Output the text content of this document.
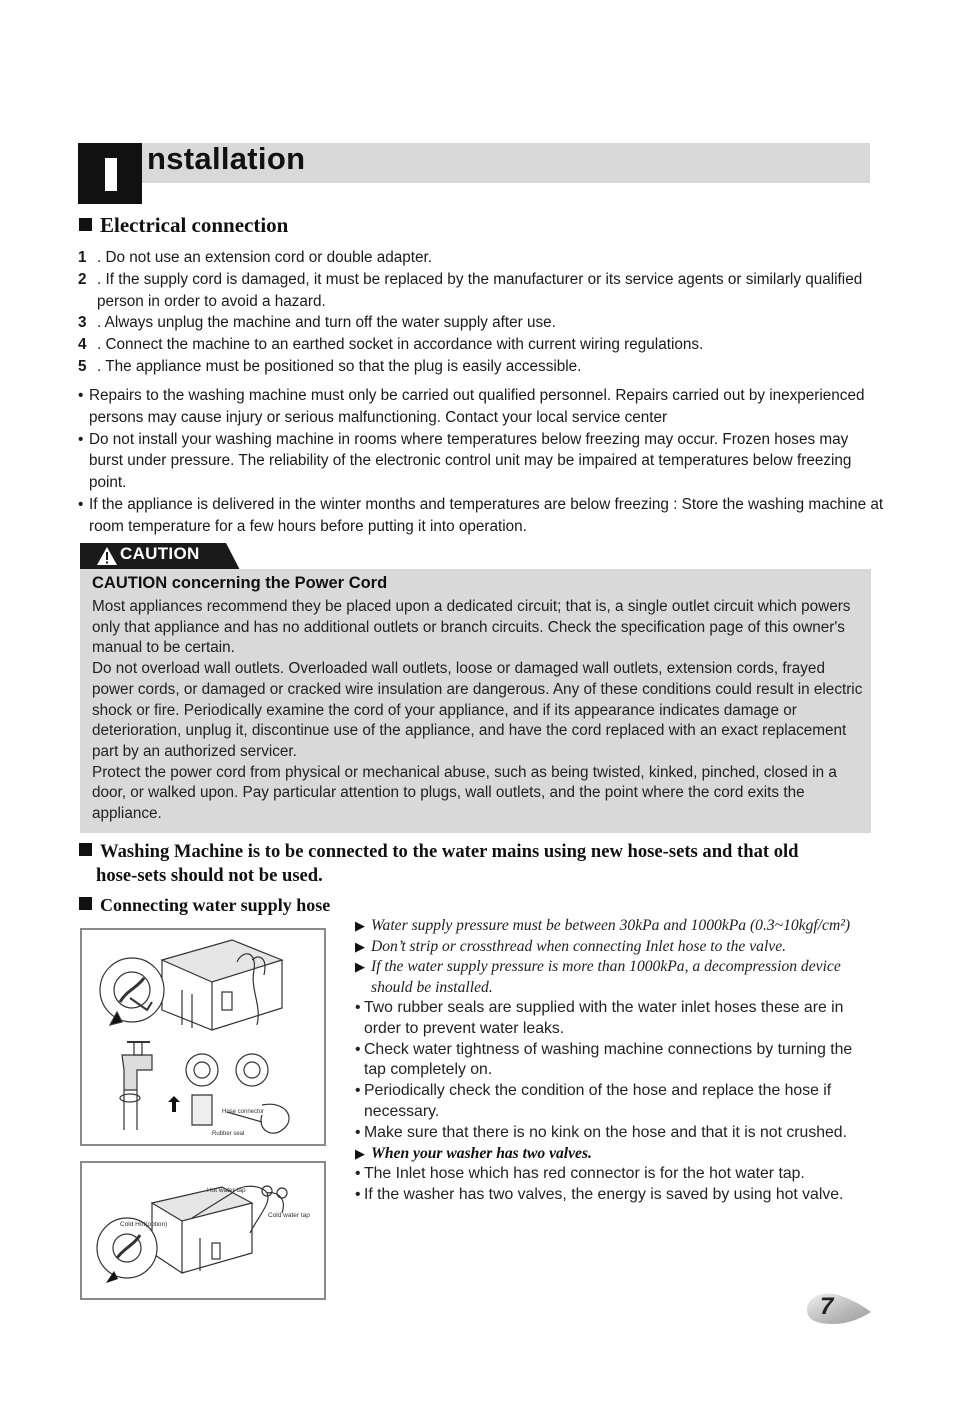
nstallation
Electrical connection
1 . Do not use an extension cord or double adapter.
2 . If the supply cord is damaged, it must be replaced by the manufacturer or its service agents or similarly qualified person in order to avoid a hazard.
3 . Always unplug the machine and turn off the water supply after use.
4 . Connect the machine to an earthed socket in accordance with current wiring regulations.
5 . The appliance must be positioned so that the plug is easily accessible.
• Repairs to the washing machine must only be carried out qualified personnel. Repairs carried out by inexperienced persons may cause injury or serious malfunctioning. Contact your local service center
• Do not install your washing machine in rooms where temperatures below freezing may occur. Frozen hoses may burst under pressure. The reliability of the electronic control unit may be impaired at temperatures below freezing point.
• If the appliance is delivered in the winter months and temperatures are below freezing : Store the washing machine at room temperature for a few hours before putting it into operation.
CAUTION
CAUTION concerning the Power Cord

Most appliances recommend they be placed upon a dedicated circuit; that is, a single outlet circuit which powers only that appliance and has no additional outlets or branch circuits. Check the specification page of this owner's manual to be certain.

Do not overload wall outlets. Overloaded wall outlets, loose or damaged wall outlets, extension cords, frayed power cords, or damaged or cracked wire insulation are dangerous. Any of these conditions could result in electric shock or fire. Periodically examine the cord of your appliance, and if its appearance indicates damage or deterioration, unplug it, discontinue use of the appliance, and have the cord replaced with an exact replacement part by an authorized servicer.

Protect the power cord from physical or mechanical abuse, such as being twisted, kinked, pinched, closed in a door, or walked upon. Pay particular attention to plugs, wall outlets, and the point where the cord exits the appliance.

Washing Machine is to be connected to the water mains using new hose-sets and that old
hose-sets should not be used.
Connecting water supply hose
Hose connector
Rubber seal
Hot water tap
Cold water tap
Cold Hot(option)
▶ Water supply pressure must be between 30kPa and 1000kPa (0.3~10kgf/cm²)
▶ Don’t strip or crossthread when connecting Inlet hose to the valve.
▶ If the water supply pressure is more than 1000kPa, a decompression device should be installed.
• Two rubber seals are supplied with the water inlet hoses these are in order to prevent water leaks.
• Check water tightness of washing machine connections by turning the tap completely on.
• Periodically check the condition of the hose and replace the hose if necessary.
• Make sure that there is no kink on the hose and that it is not crushed.
▶ When your washer has two valves.
• The Inlet hose which has red connector is for the hot water tap.
• If the washer has two valves, the energy is saved by using hot valve.
7
